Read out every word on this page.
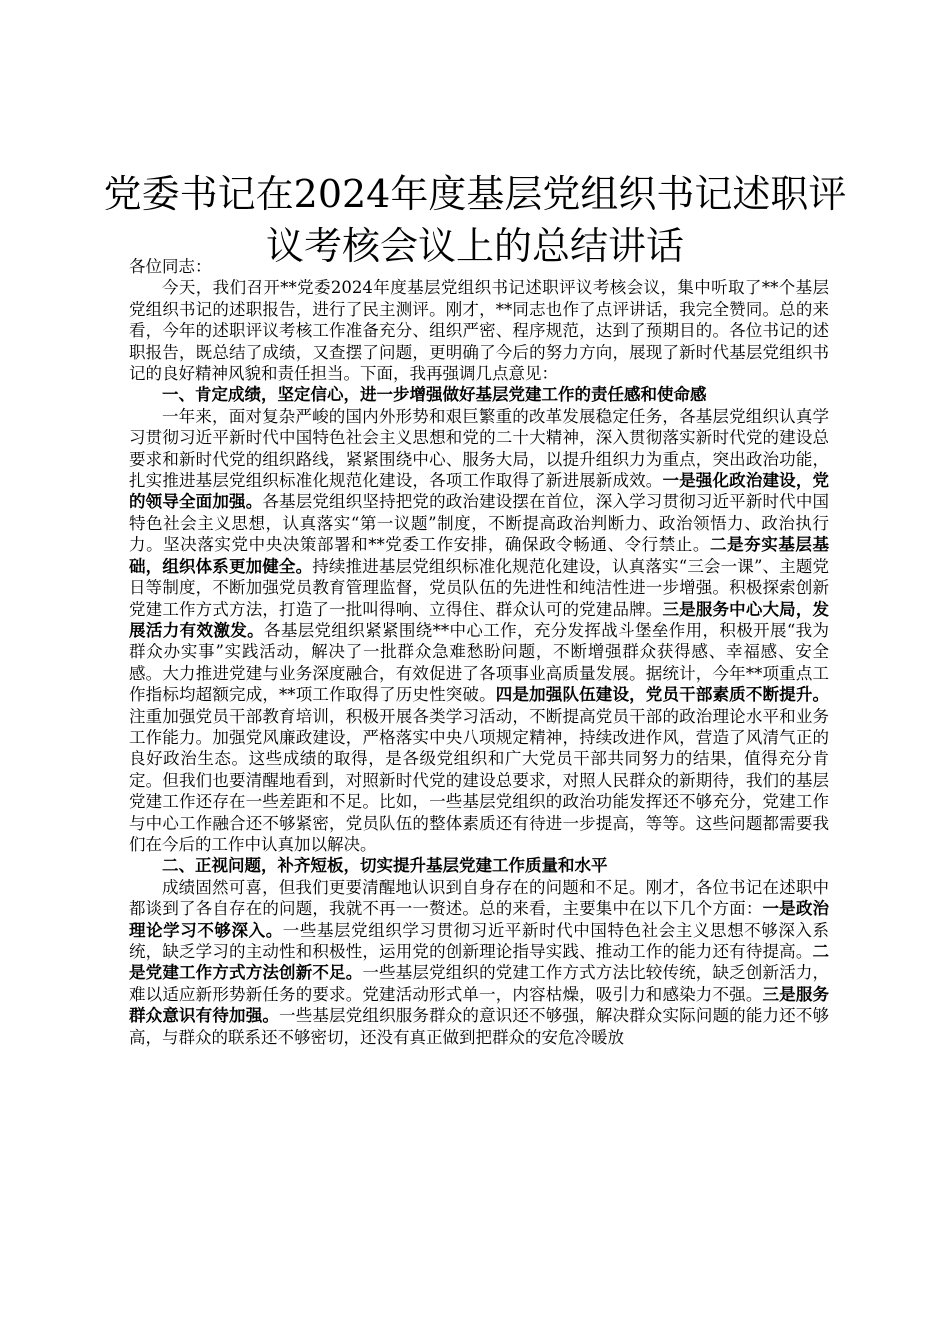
党委书记在2024年度基层党组织书记述职评
议考核会议上的总结讲话

各位同志：

今天，我们召开**党委2024年度基层党组织书记述职评议考核会议，集中听取了**个基层党组织书记的述职报告，进行了民主测评。刚才，**同志也作了点评讲话，我完全赞同。总的来看，今年的述职评议考核工作准备充分、组织严密、程序规范，达到了预期目的。各位书记的述职报告，既总结了成绩，又查摆了问题，更明确了今后的努力方向，展现了新时代基层党组织书记的良好精神风貌和责任担当。下面，我再强调几点意见：

一、肯定成绩，坚定信心，进一步增强做好基层党建工作的责任感和使命感

一年来，面对复杂严峻的国内外形势和艰巨繁重的改革发展稳定任务，各基层党组织认真学习贯彻习近平新时代中国特色社会主义思想和党的二十大精神，深入贯彻落实新时代党的建设总要求和新时代党的组织路线，紧紧围绕中心、服务大局，以提升组织力为重点，突出政治功能，扎实推进基层党组织标准化规范化建设，各项工作取得了新进展新成效。一是强化政治建设，党的领导全面加强。各基层党组织坚持把党的政治建设摆在首位，深入学习贯彻习近平新时代中国特色社会主义思想，认真落实“第一议题”制度，不断提高政治判断力、政治领悟力、政治执行力。坚决落实党中央决策部署和**党委工作安排，确保政令畅通、令行禁止。二是夯实基层基础，组织体系更加健全。持续推进基层党组织标准化规范化建设，认真落实“三会一课”、主题党日等制度，不断加强党员教育管理监督，党员队伍的先进性和纯洁性进一步增强。积极探索创新党建工作方式方法，打造了一批叫得响、立得住、群众认可的党建品牌。三是服务中心大局，发展活力有效激发。各基层党组织紧紧围绕**中心工作，充分发挥战斗堡垒作用，积极开展“我为群众办实事”实践活动，解决了一批群众急难愁盼问题，不断增强群众获得感、幸福感、安全感。大力推进党建与业务深度融合，有效促进了各项事业高质量发展。据统计，今年**项重点工作指标均超额完成，**项工作取得了历史性突破。四是加强队伍建设，党员干部素质不断提升。注重加强党员干部教育培训，积极开展各类学习活动，不断提高党员干部的政治理论水平和业务工作能力。加强党风廉政建设，严格落实中央八项规定精神，持续改进作风，营造了风清气正的良好政治生态。这些成绩的取得，是各级党组织和广大党员干部共同努力的结果，值得充分肯定。但我们也要清醒地看到，对照新时代党的建设总要求，对照人民群众的新期待，我们的基层党建工作还存在一些差距和不足。比如，一些基层党组织的政治功能发挥还不够充分，党建工作与中心工作融合还不够紧密，党员队伍的整体素质还有待进一步提高，等等。这些问题都需要我们在今后的工作中认真加以解决。

二、正视问题，补齐短板，切实提升基层党建工作质量和水平

成绩固然可喜，但我们更要清醒地认识到自身存在的问题和不足。刚才，各位书记在述职中都谈到了各自存在的问题，我就不再一一赘述。总的来看，主要集中在以下几个方面：一是政治理论学习不够深入。一些基层党组织学习贯彻习近平新时代中国特色社会主义思想不够深入系统，缺乏学习的主动性和积极性，运用党的创新理论指导实践、推动工作的能力还有待提高。二是党建工作方式方法创新不足。一些基层党组织的党建工作方式方法比较传统，缺乏创新活力，难以适应新形势新任务的要求。党建活动形式单一，内容枯燥，吸引力和感染力不强。三是服务群众意识有待加强。一些基层党组织服务群众的意识还不够强，解决群众实际问题的能力还不够高，与群众的联系还不够密切，还没有真正做到把群众的安危冷暖放
